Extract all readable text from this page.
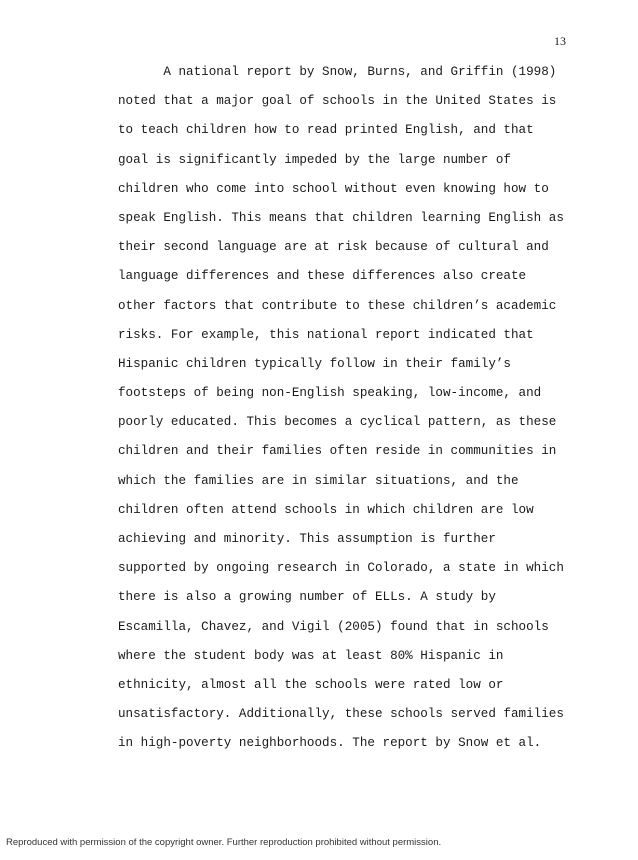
13
A national report by Snow, Burns, and Griffin (1998)
noted that a major goal of schools in the United States is
to teach children how to read printed English, and that
goal is significantly impeded by the large number of
children who come into school without even knowing how to
speak English. This means that children learning English as
their second language are at risk because of cultural and
language differences and these differences also create
other factors that contribute to these children’s academic
risks. For example, this national report indicated that
Hispanic children typically follow in their family’s
footsteps of being non-English speaking, low-income, and
poorly educated. This becomes a cyclical pattern, as these
children and their families often reside in communities in
which the families are in similar situations, and the
children often attend schools in which children are low
achieving and minority. This assumption is further
supported by ongoing research in Colorado, a state in which
there is also a growing number of ELLs. A study by
Escamilla, Chavez, and Vigil (2005) found that in schools
where the student body was at least 80% Hispanic in
ethnicity, almost all the schools were rated low or
unsatisfactory. Additionally, these schools served families
in high-poverty neighborhoods. The report by Snow et al.
Reproduced with permission of the copyright owner. Further reproduction prohibited without permission.
